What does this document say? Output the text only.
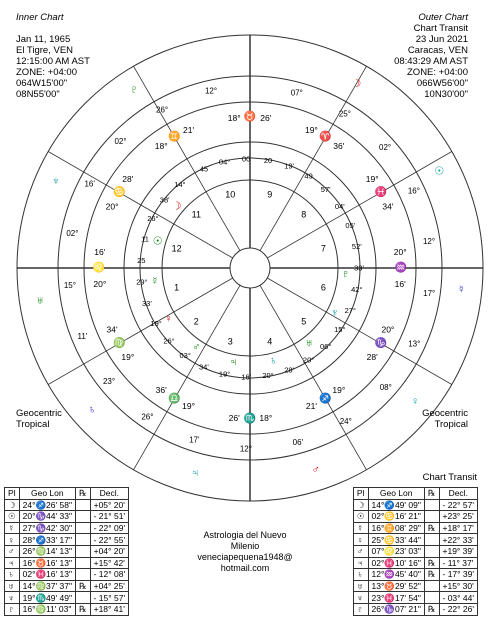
Inner Chart
Jan 11, 1965
El Tigre, VEN
12:15:00 AM AST
ZONE: +04:00
064W15'00"
08N55'00"
Outer Chart
Chart Transit
23 Jun 2021
Caracas, VEN
08:43:29 AM AST
ZONE: +04:00
066W56'00"
10N30'00"
1
2
3	4
5
6
7
8
9
10
11
12
20°
♌
16'
19°
♍
34'
19°
♎
36'
18°
♏
26'
19°
♐
21'
20°
♑
28'
20°
♒
16'
19°
♓
34'
19°
♈
36'
18° ♉ 26'
18°
♊
21'
20°
♋
28'
07°
25°
02°
16°
12°
17°
13°
08°
24°
06'
12°
17'
26°
23°
11'
15°
02°
16'
02°
26°
12°
14°
38'
26°
11
25
29°
33'
19°
26°
03°
34'
19° 16' 20°
28'
20°
06°
15°
27°
42°
33'
52'
05'
04'
57'
49
19'
20
00
04°
45
☽
☉
☿
♀
♂
♃	♄
♅
♆
♇
☽
☉
☿
♀
♂
♃
♄
♅
♆
♇
Geocentric
Tropical
Geocentric
Tropical
Astrologia del Nuevo
Milenio
veneciapequena1948@
hotmail.com
Pl	Geo Lon	℞	Decl.
☽	24°♐26' 58"		+05° 20'
☉	20°♑44' 33"		- 21° 51'
☿	27°♑42' 30"		- 22° 09'
♀	28°♐33' 17"		- 22° 55'
♂	26°♍14' 13"		+04° 20'
♃	16°♉16' 13"		+15° 42'
♄	02°♓16' 13"		- 12° 08'
♅	14°♍37' 37"	℞	+04° 25'
♆	19°♏49' 49"		- 15° 57'
♇	16°♍11' 03"	℞	+18° 41'
Chart Transit
Pl	Geo Lon	℞	Decl.
☽	14°♐49' 09"		- 22° 57'
☉	02°♋16' 21"		+23° 25'
☿	16°♊08' 29"	℞	+18° 17'
♀	25°♋33' 44"		+22° 33'
♂	07°♌23' 03"		+19° 39'
♃	02°♓10' 16"	℞	- 11° 37'
♄	12°♒45' 40"	℞	- 17° 39'
♅	13°♉29' 52"		+15° 30'
♆	23°♓17' 54"		- 03° 44'
♇	26°♑07' 21"	℞	- 22° 26'
